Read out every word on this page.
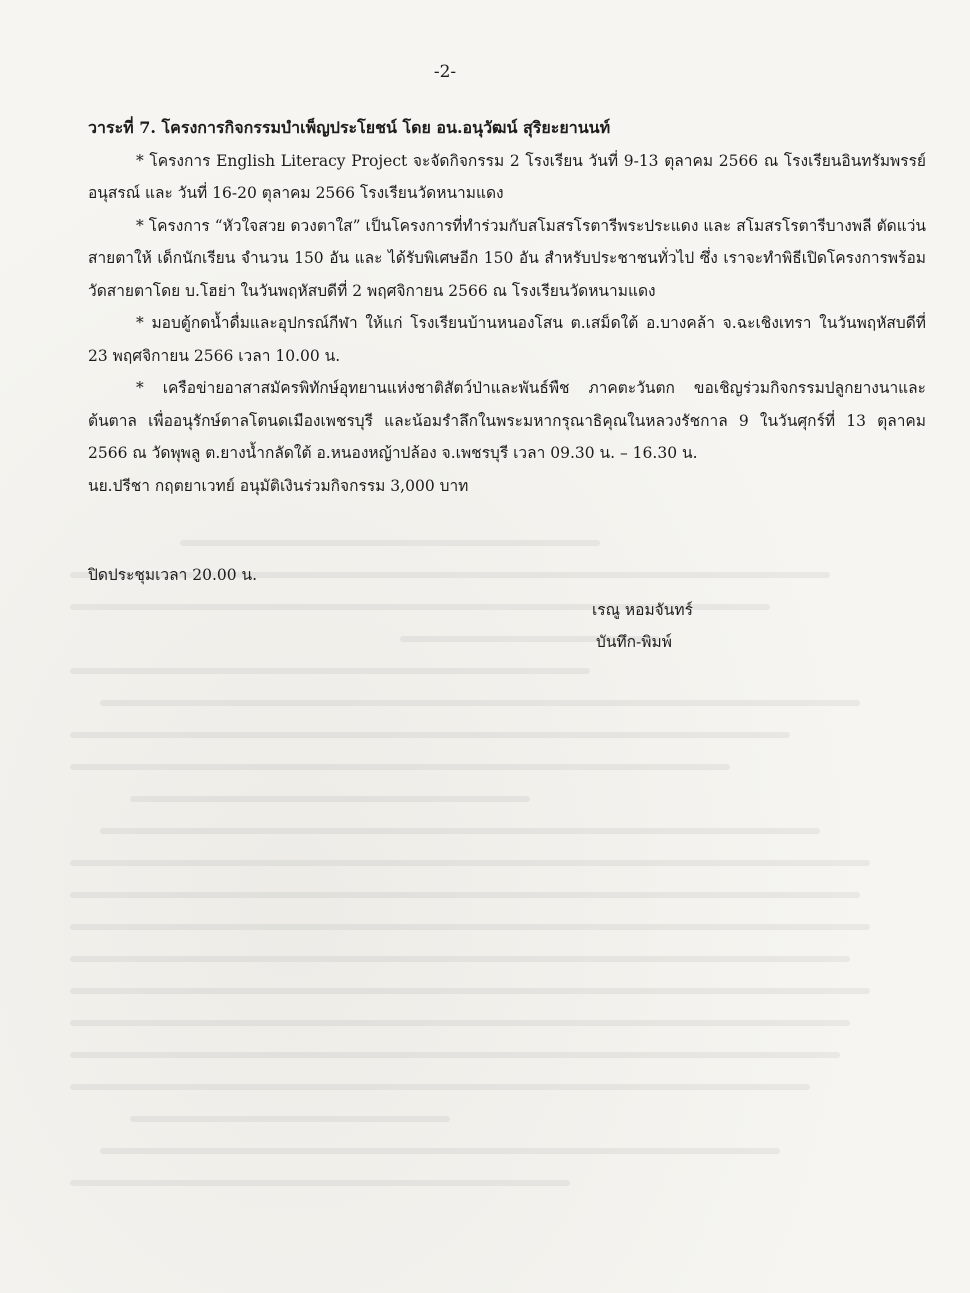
-2-

วาระที่ 7. โครงการกิจกรรมบำเพ็ญประโยชน์ โดย อน.อนุวัฒน์ สุริยะยานนท์

* โครงการ English Literacy Project จะจัดกิจกรรม 2 โรงเรียน วันที่ 9-13 ตุลาคม 2566 ณ โรงเรียนอินทรัมพรรย์อนุสรณ์ และ วันที่ 16-20 ตุลาคม 2566 โรงเรียนวัดหนามแดง

* โครงการ “หัวใจสวย ดวงตาใส” เป็นโครงการที่ทำร่วมกับสโมสรโรตารีพระประแดง และ สโมสรโรตารีบางพลี ตัดแว่นสายตาให้ เด็กนักเรียน จำนวน 150 อัน และ ได้รับพิเศษอีก 150 อัน สำหรับประชาชนทั่วไป ซึ่ง เราจะทำพิธีเปิดโครงการพร้อมวัดสายตาโดย บ.โฮย่า ในวันพฤหัสบดีที่ 2 พฤศจิกายน 2566 ณ โรงเรียนวัดหนามแดง

* มอบตู้กดน้ำดื่มและอุปกรณ์กีฬา ให้แก่ โรงเรียนบ้านหนองโสน ต.เสม็ดใต้ อ.บางคล้า จ.ฉะเชิงเทรา ในวันพฤหัสบดีที่ 23 พฤศจิกายน 2566 เวลา 10.00 น.

* เครือข่ายอาสาสมัครพิทักษ์อุทยานแห่งชาติสัตว์ป่าและพันธ์พืช ภาคตะวันตก ขอเชิญร่วมกิจกรรมปลูกยางนาและต้นตาล เพื่ออนุรักษ์ตาลโตนดเมืองเพชรบุรี และน้อมรำลึกในพระมหากรุณาธิคุณในหลวงรัชกาล 9 ในวันศุกร์ที่ 13 ตุลาคม 2566 ณ วัดพุพลู ต.ยางน้ำกลัดใต้ อ.หนองหญ้าปล้อง จ.เพชรบุรี เวลา 09.30 น. – 16.30 น.

นย.ปรีชา กฤตยาเวทย์ อนุมัติเงินร่วมกิจกรรม 3,000 บาท

ปิดประชุมเวลา 20.00 น.
เรณู หอมจันทร์
บันทึก-พิมพ์
